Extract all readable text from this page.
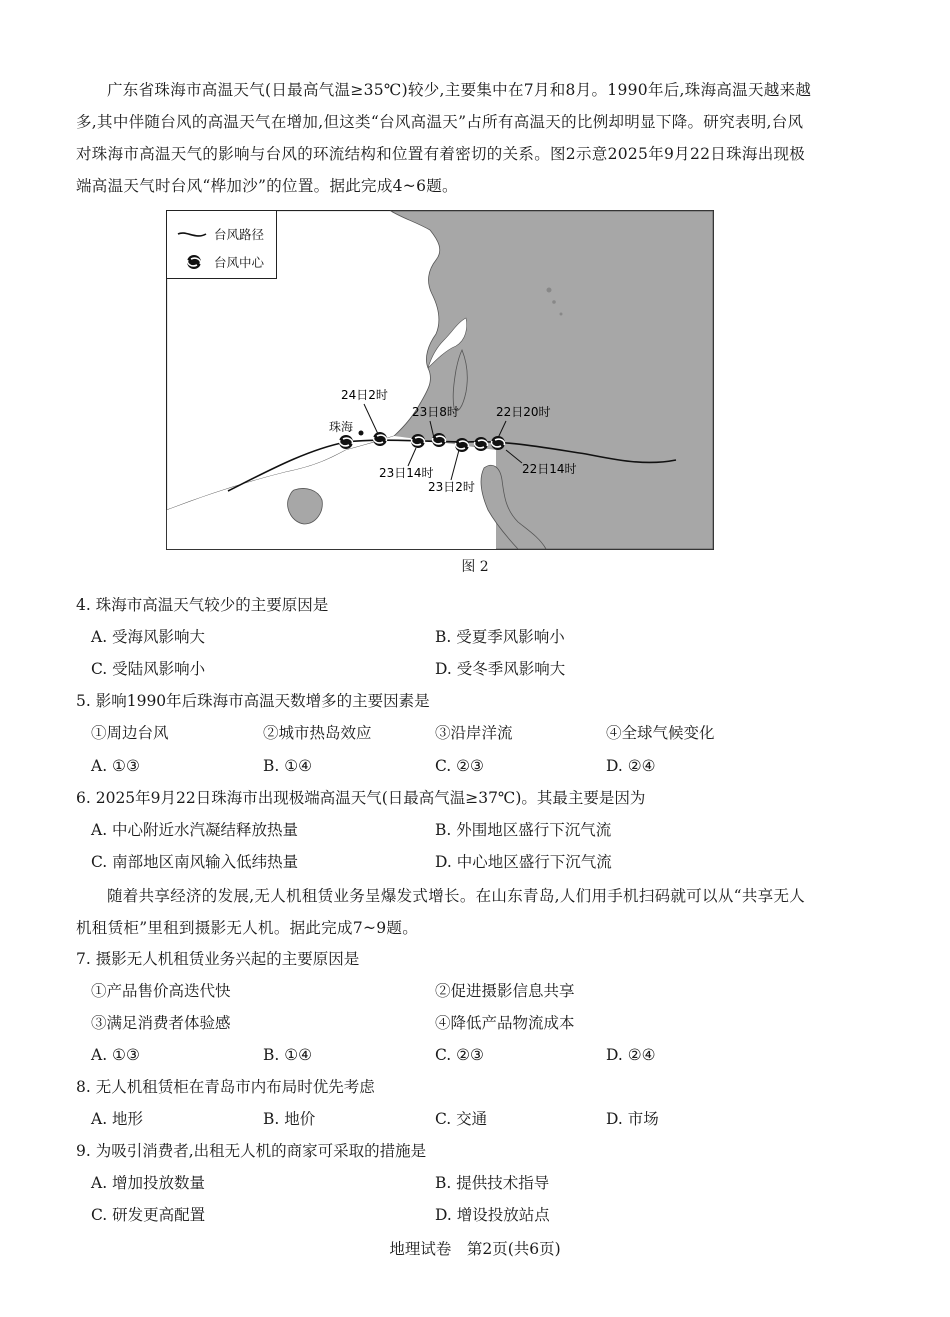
广东省珠海市高温天气(日最高气温≥35℃)较少,主要集中在7月和8月。1990年后,珠海高温天越来越多,其中伴随台风的高温天气在增加,但这类“台风高温天”占所有高温天的比例却明显下降。研究表明,台风对珠海市高温天气的影响与台风的环流结构和位置有着密切的关系。图2示意2025年9月22日珠海出现极端高温天气时台风“桦加沙”的位置。据此完成4~6题。
台风路径
台风中心
珠海
24日2时
23日8时	22日20时
23日14时
23日2时
22日14时
图 2
4. 珠海市高温天气较少的主要原因是
A. 受海风影响大	B. 受夏季风影响小
C. 受陆风影响小	D. 受冬季风影响大
5. 影响1990年后珠海市高温天数增多的主要因素是
①周边台风	②城市热岛效应	③沿岸洋流	④全球气候变化
A. ①③	B. ①④	C. ②③	D. ②④
6. 2025年9月22日珠海市出现极端高温天气(日最高气温≥37℃)。其最主要是因为
A. 中心附近水汽凝结释放热量	B. 外围地区盛行下沉气流
C. 南部地区南风输入低纬热量	D. 中心地区盛行下沉气流
随着共享经济的发展,无人机租赁业务呈爆发式增长。在山东青岛,人们用手机扫码就可以从“共享无人机租赁柜”里租到摄影无人机。据此完成7~9题。
7. 摄影无人机租赁业务兴起的主要原因是
①产品售价高迭代快	②促进摄影信息共享
③满足消费者体验感	④降低产品物流成本
A. ①③	B. ①④	C. ②③	D. ②④
8. 无人机租赁柜在青岛市内布局时优先考虑
A. 地形	B. 地价	C. 交通	D. 市场
9. 为吸引消费者,出租无人机的商家可采取的措施是
A. 增加投放数量	B. 提供技术指导
C. 研发更高配置	D. 增设投放站点
地理试卷　第2页(共6页)
